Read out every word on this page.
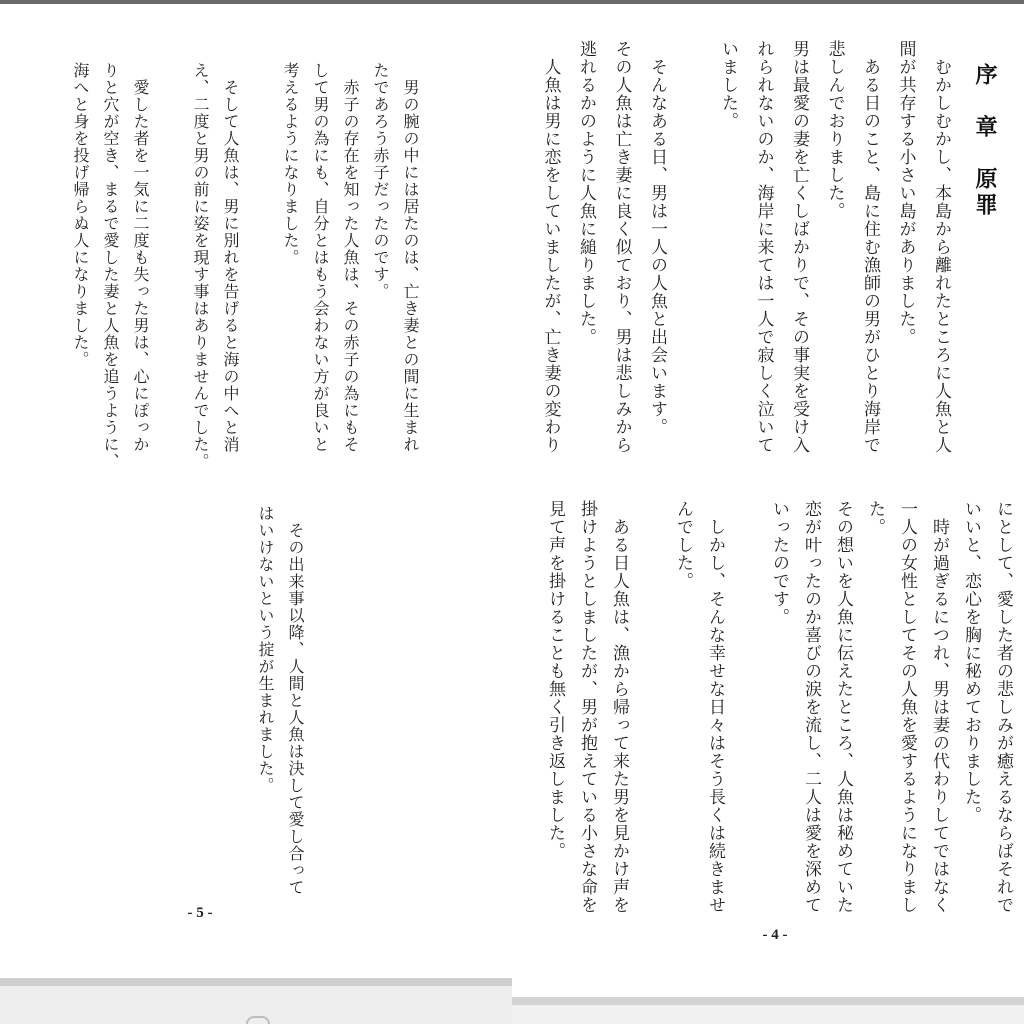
　男の腕の中には居たのは、亡き妻との間に生まれ
たであろう赤子だったのです。
　赤子の存在を知った人魚は、その赤子の為にもそ
して男の為にも、自分とはもう会わない方が良いと
考えるようになりました。
　そして人魚は、男に別れを告げると海の中へと消
え、二度と男の前に姿を現す事はありませんでした。
　愛した者を一気に二度も失った男は、心にぽっか
りと穴が空き、まるで愛した妻と人魚を追うように、
海へと身を投げ帰らぬ人になりました。
　その出来事以降、人間と人魚は決して愛し合って
はいけないという掟が生まれました。
- 5 -
序　章　原罪
　むかしむかし、本島から離れたところに人魚と人
間が共存する小さい島がありました。
　ある日のこと、島に住む漁師の男がひとり海岸で
悲しんでおりました。
男は最愛の妻を亡くしばかりで、その事実を受け入
れられないのか、海岸に来ては一人で寂しく泣いて
いました。
　そんなある日、男は一人の人魚と出会います。
その人魚は亡き妻に良く似ており、男は悲しみから
逃れるかのように人魚に縋りました。
　人魚は男に恋をしていましたが、亡き妻の変わり
にとして、愛した者の悲しみが癒えるならばそれで
いいと、恋心を胸に秘めておりました。
　時が過ぎるにつれ、男は妻の代わりしてではなく
一人の女性としてその人魚を愛するようになりまし
た。
その想いを人魚に伝えたところ、人魚は秘めていた
恋が叶ったのか喜びの涙を流し、二人は愛を深めて
いったのです。
　しかし、そんな幸せな日々はそう長くは続きませ
んでした。
　ある日人魚は、漁から帰って来た男を見かけ声を
掛けようとしましたが、男が抱えている小さな命を
見て声を掛けることも無く引き返しました。
- 4 -
